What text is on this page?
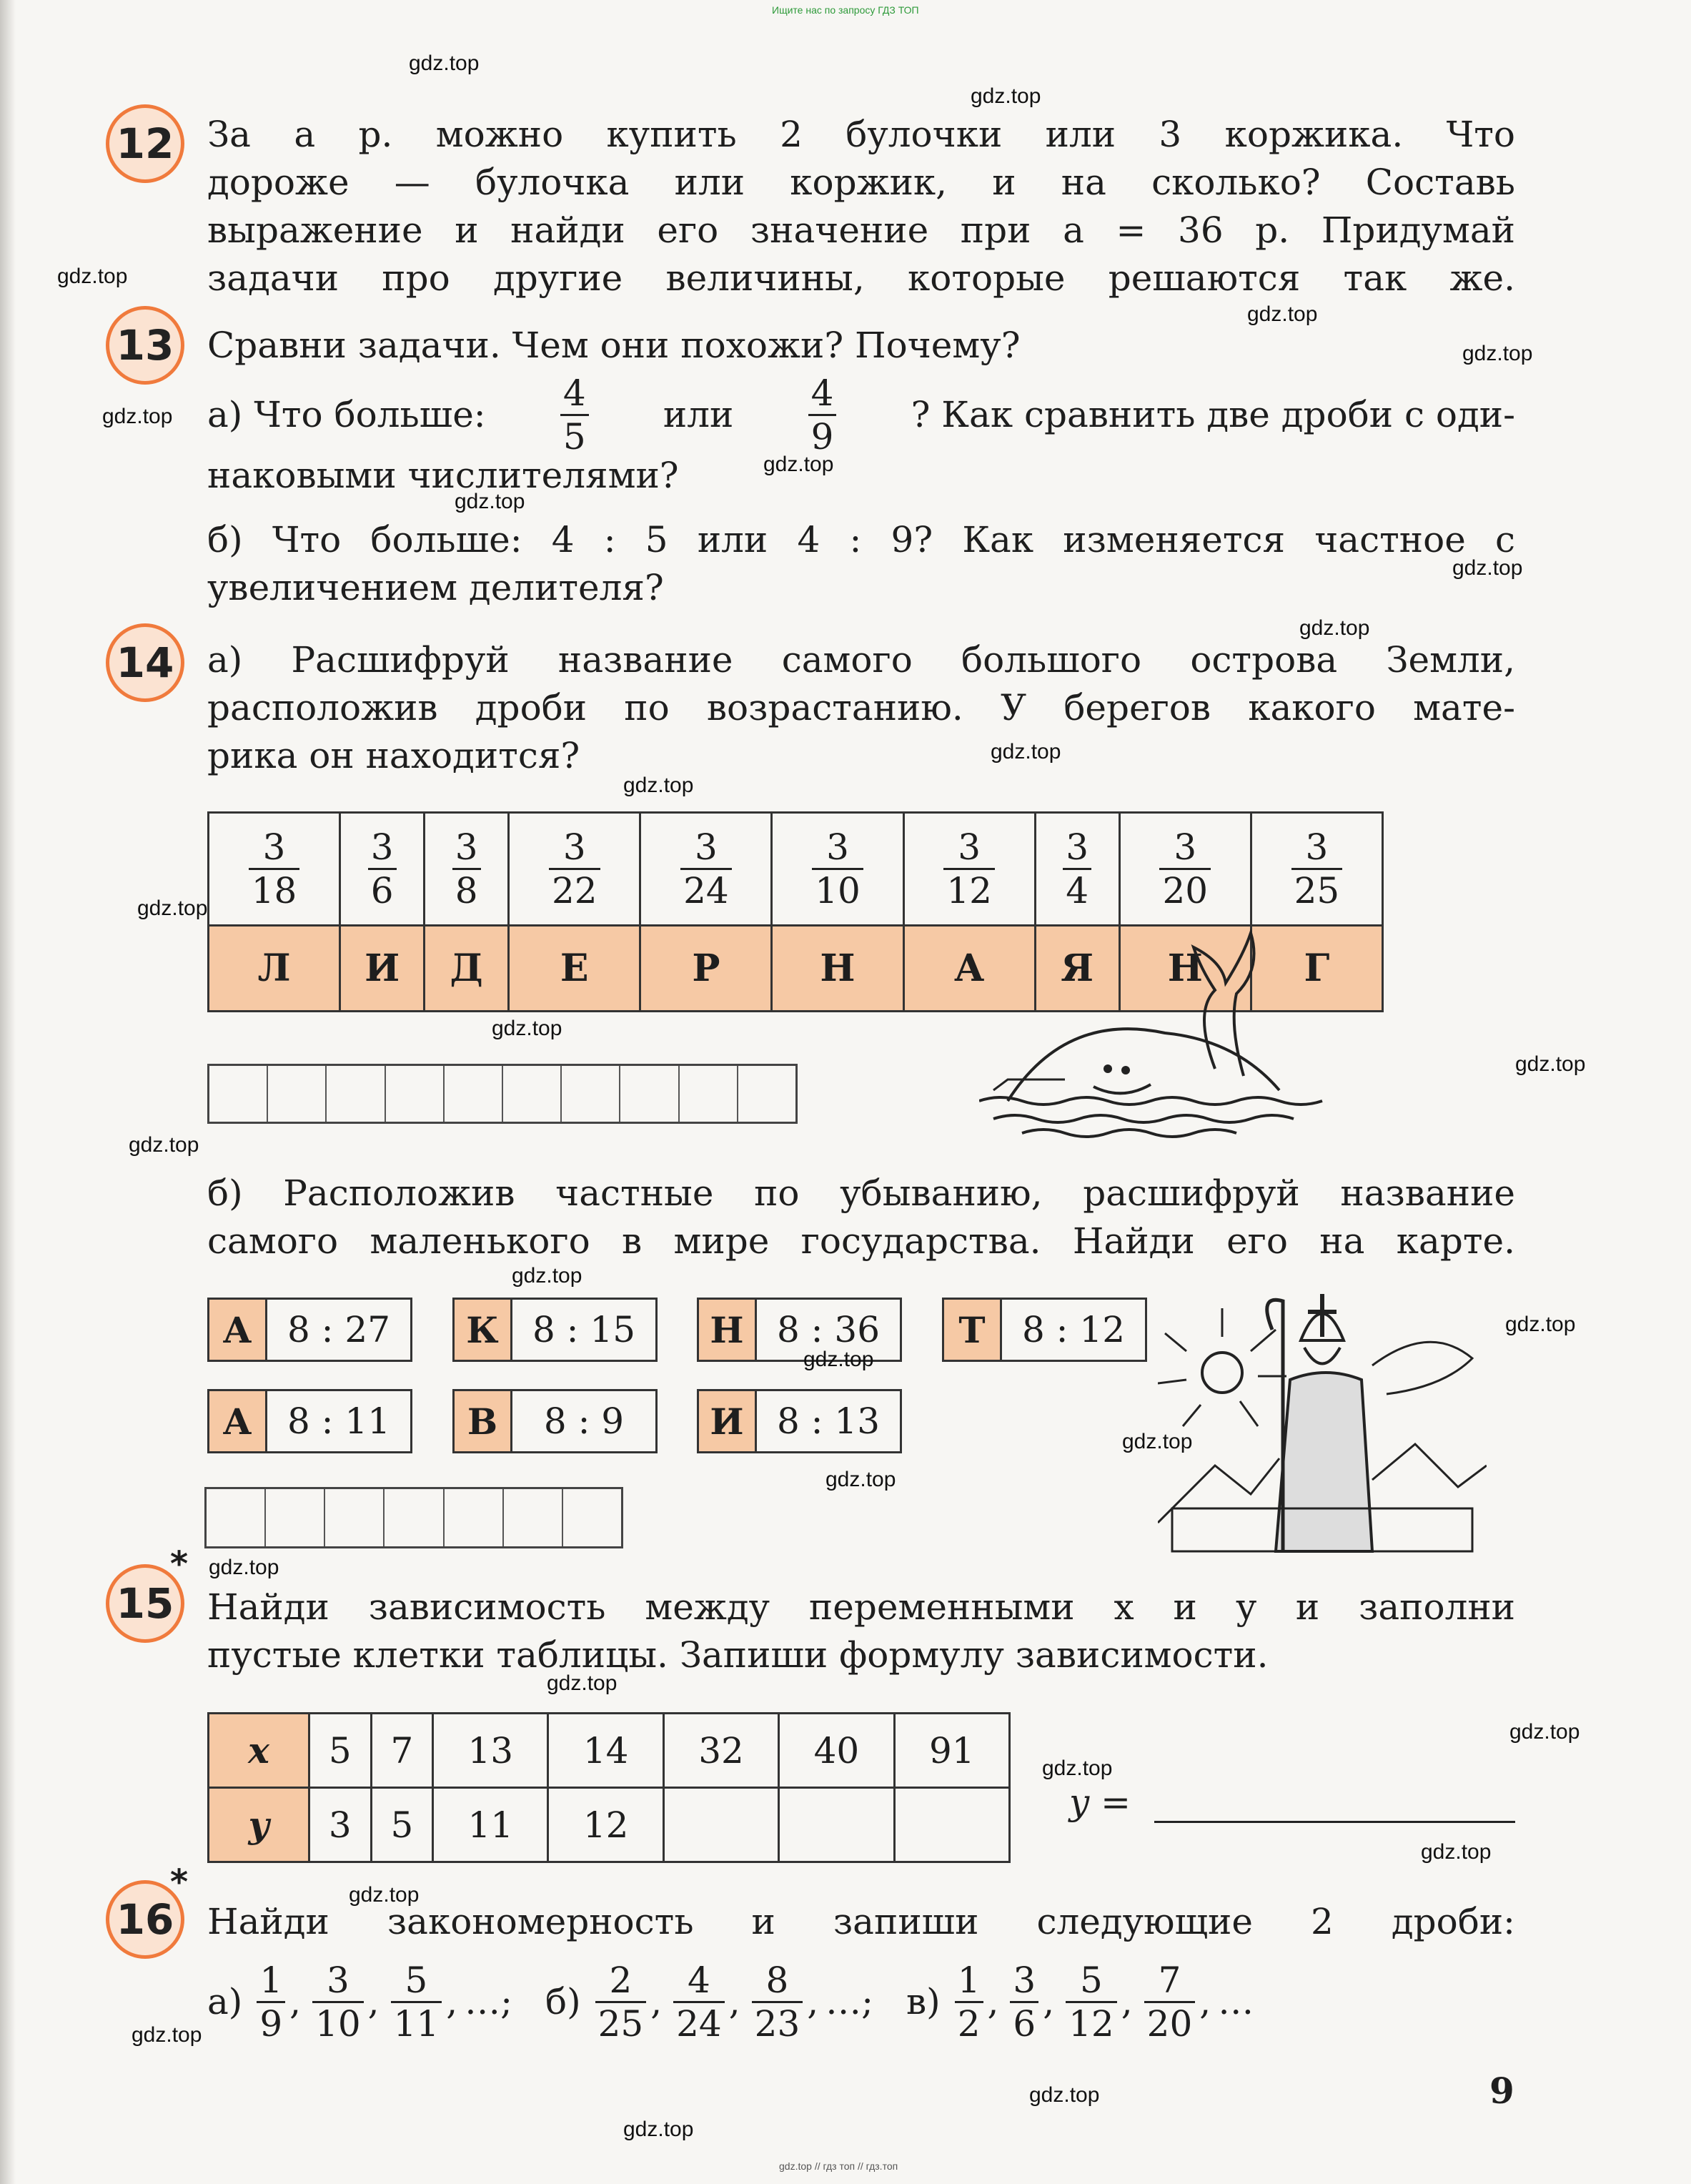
Ищите нас по запросу ГДЗ ТОП
gdz.top // гдз топ // гдз.топ
12 За a р. можно купить 2 булочки или 3 коржика. Что
дороже — булочка или коржик, и на сколько? Составь
выражение и найди его значение при a = 36 р. Придумай
задачи про другие величины, которые решаются так же.
13 Сравни задачи. Чем они похожи? Почему?
а) Что больше: $\frac{4}{5}$ или $\frac{4}{9}$ ? Как сравнить две дроби с оди-
наковыми числителями?
б) Что больше: 4 : 5 или 4 : 9? Как изменяется частное с
увеличением делителя?
14 а) Расшифруй название самого большого острова Земли,
расположив дроби по возрастанию. У берегов какого мате-
рика он находится?
$\frac{3}{18}$	$\frac{3}{6}$	$\frac{3}{8}$	$\frac{3}{22}$	$\frac{3}{24}$	$\frac{3}{10}$	$\frac{3}{12}$	$\frac{3}{4}$	$\frac{3}{20}$	$\frac{3}{25}$

Л	И	Д	Е	Р	Н	А	Я	Н	Г
б) Расположив частные по убыванию, расшифруй название
самого маленького в мире государства. Найди его на карте.
А 8 : 27	К 8 : 15	Н 8 : 36	Т	8 : 12
А 8 : 11	В	8 : 9	И 8 : 13
15
*
Найди зависимость между переменными x и y и заполни
пустые клетки таблицы. Запиши формулу зависимости.
x	5	7	13	14	32	40	91
y	3	5	11	12			
y =
16
*
Найди закономерность и запиши следующие 2 дроби:
$а) \frac{1}{9}$ , $\frac{3}{10}$ , $\frac{5}{11}$ , …; $б) \frac{2}{25}$ , $\frac{4}{24}$ , $\frac{8}{23}$ , …; $в) \frac{1}{2}$ , $\frac{3}{6}$ , $\frac{5}{12}$ , $\frac{7}{20}$ , …
9
gdz.top
gdz.top
gdz.top
gdz.top
gdz.top
gdz.top
gdz.top
gdz.top
gdz.top
gdz.top
gdz.top
gdz.top
gdz.top
gdz.top
gdz.top
gdz.top
gdz.top
gdz.top
gdz.top
gdz.top
gdz.top
gdz.top
gdz.top
gdz.top
gdz.top
gdz.top
gdz.top
gdz.top
gdz.top
gdz.top
